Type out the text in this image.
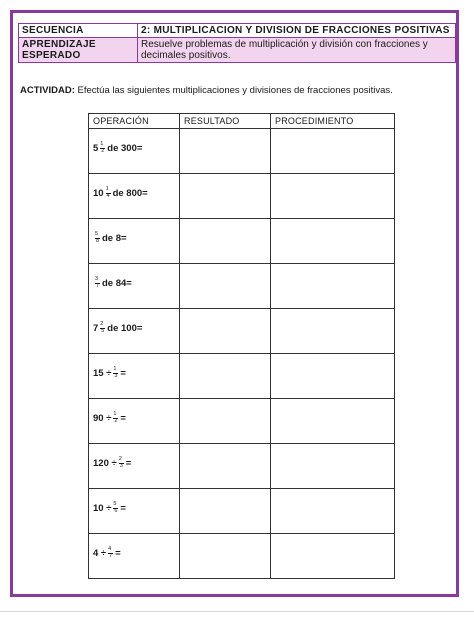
SECUENCIA	2: MULTIPLICACION Y DIVISION DE FRACCIONES POSITIVAS
APRENDIZAJE ESPERADO	Resuelve problemas de multiplicación y división con fracciones y decimales positivos.
ACTIVIDAD: Efectúa las siguientes multiplicaciones y divisiones de fracciones positivas.
OPERACIÓN	RESULTADO	PROCEDIMIENTO

$5 \frac{1}{2}$ de 300=		

$10 \frac{1}{4}$ de 800=		

$\frac{5}{8}$ de 8=		

$\frac{3}{7}$ de 84=		

$7 \frac{2}{5}$ de 100=		

$15 \div \frac{1}{3}$ =		

$90 \div \frac{1}{2}$ =		

$120 \div \frac{2}{3}$ =		

$10 \div \frac{5}{6}$ =		

$4 \div \frac{4}{7}$ =		
